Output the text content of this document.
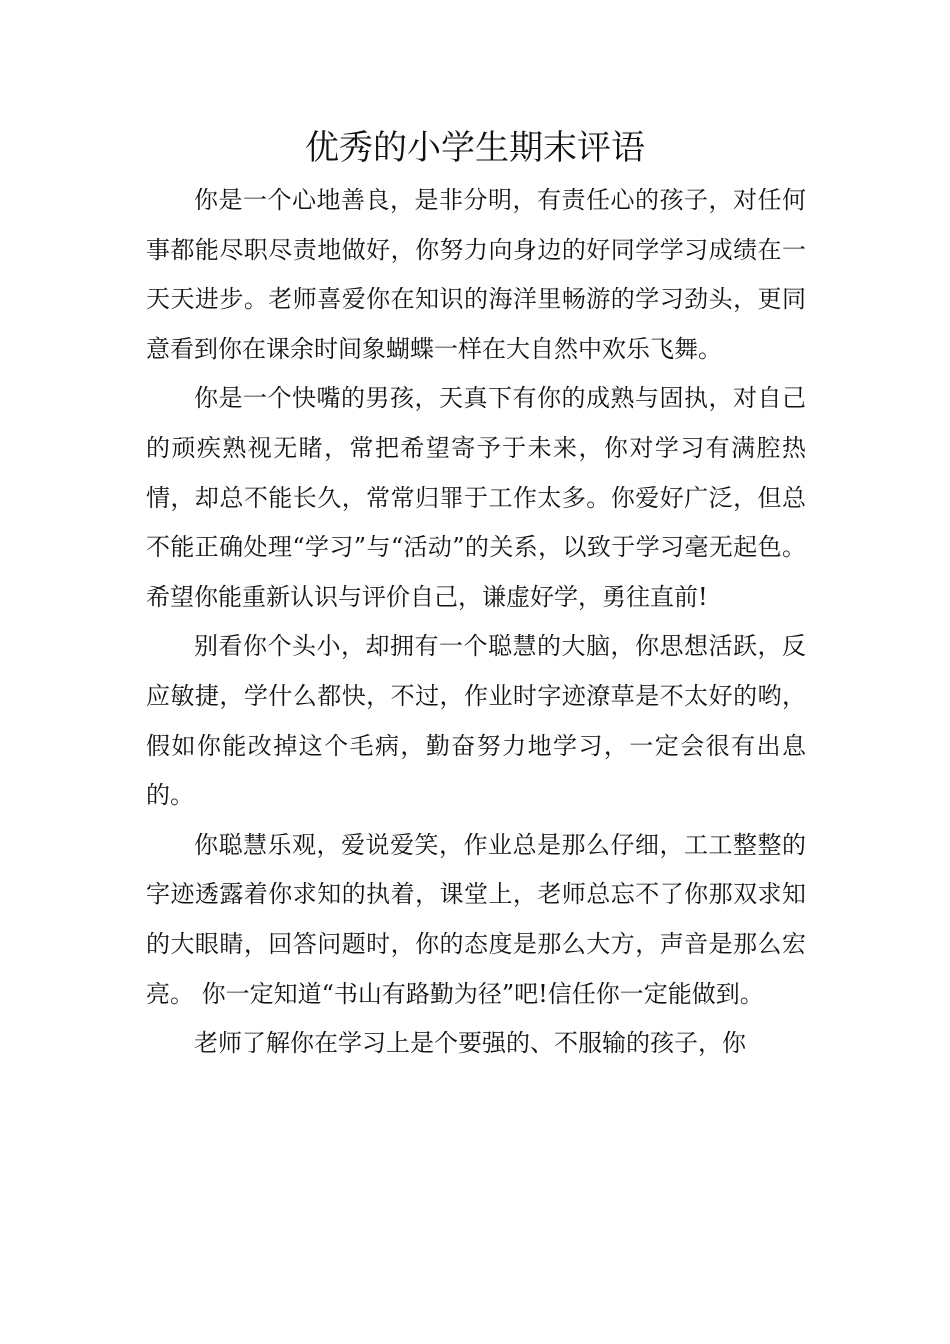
优秀的小学生期末评语

你是一个心地善良，是非分明，有责任心的孩子，对任何事都能尽职尽责地做好，你努力向身边的好同学学习成绩在一天天进步。老师喜爱你在知识的海洋里畅游的学习劲头，更同意看到你在课余时间象蝴蝶一样在大自然中欢乐飞舞。

你是一个快嘴的男孩，天真下有你的成熟与固执，对自己的顽疾熟视无睹，常把希望寄予于未来，你对学习有满腔热情，却总不能长久，常常归罪于工作太多。你爱好广泛，但总不能正确处理“学习”与“活动”的关系，以致于学习毫无起色。希望你能重新认识与评价自己，谦虚好学，勇往直前!

别看你个头小，却拥有一个聪慧的大脑，你思想活跃，反应敏捷，学什么都快，不过，作业时字迹潦草是不太好的哟，假如你能改掉这个毛病，勤奋努力地学习，一定会很有出息的。

你聪慧乐观，爱说爱笑，作业总是那么仔细，工工整整的字迹透露着你求知的执着，课堂上，老师总忘不了你那双求知的大眼睛，回答问题时，你的态度是那么大方，声音是那么宏亮。 你一定知道“书山有路勤为径”吧!信任你一定能做到。

老师了解你在学习上是个要强的、不服输的孩子，你
